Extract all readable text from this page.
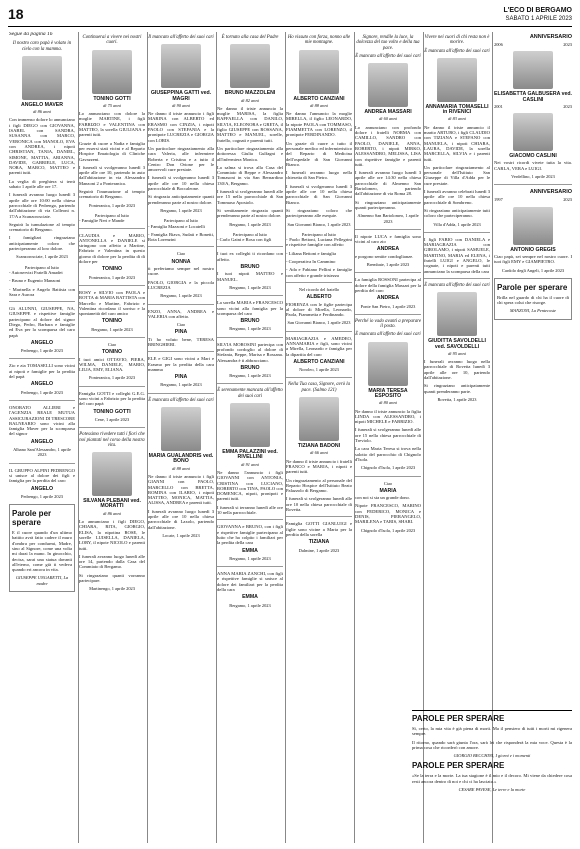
18	L'ECO DI BERGAMO
SABATO 1 APRILE 2023
Segue da pagina 16
Il nostro caro papà è volato in cielo con la mamma.
ANGELO MAVER
di 86 anni

Con immenso dolore lo annunciano i figli DIEGO con GIOVANNA, ISABEL con SANDRA, SUSANNA con MARCO, VERONICA con MANOLO, EVA con ANDREA, i nipoti CHRISTIAN, TANIA, DANIEL, SIMONE, MATTIA, ARIANNA, DAVIDE, GABRIELE, LUCA, NORA, MARCO, MATTEO e parenti tutti.

La veglia di preghiera si terrà sabato 1 aprile alle ore 17.

I funerali avranno luogo lunedì 3 aprile alle ore 10:00 nella chiesa parrocchiale di Pedrengo, partendo dall'abitazione di via Colleoni n. 17/A a Scanzorosciate.

Seguirà la tumulazione al tempio crematorio di Bergamo.

I famigliari ringraziano anticipatamente coloro che parteciperanno al loro dolore.

Scanzorosciate, 1 aprile 2023
Partecipano al lutto

- Autoservizi Fratelli Amadei

- Bruno e Eugenio Manzoni

- Marinella e Angelo Battista con Sara e Aurora

Gli ALUNNI, GIUSEPPE, NA, GIUSEPPE e rispettive famiglie partecipano al dolore del signor Diego, Pedro, Barbara e famiglie ed Eva per la scomparsa del caro papà

ANGELO
Pedrengo, 1 aprile 2023

Zio e zia TOMASELLI sono vicini ai nipoti e famiglie per la perdita del papà

ANGELO
Pedrengo, 1 aprile 2023

ONORATO ALLIERI e l'AGENZIA REALE MUTUA ASSICURAZIONI DI TRESCORE BALNEARIO sono vicini alla famiglia Maver per la scomparsa del signor

ANGELO
Albano Sant'Alessandro, 1 aprile 2023

IL GRUPPO ALPINI PEDRENGO si unisce al dolore dei figli e famiglia per la perdita del caro

ANGELO
Pedrengo, 1 aprile 2023
Parole per sperare

E il cuore quando d'un ultimo battito avrà fatto cadere il muro d'ombra per condurmi, Madre, sino al Signore, come una volta mi darai la mano. In ginocchio, decisa, sarai una statua davanti all'eterno, come già ti vedeva quando eri ancora in vita.

GIUSEPPE UNGARETTI, La madre
Continuerai a vivere nei nostri cuori.
TONINO GOTTI
di 75 anni

Lo annunciano con dolore la moglie MARTINE, i figli FABRIZIO e VALENTINA con MATTEO, la sorella GIULIANA e parenti tutti.

Grazie di cuore a Nadia e famiglia per essersi stati vicini e al Reparto Hospice Ematologia di Cliniche Gavazzeni.

I funerali si svolgeranno lunedì 3 aprile alle ore 10, partendo in auto dall'abitazione in via Alessandro Manzoni 2 a Ponteranica.

Seguirà l'inumazione al tempio crematorio di Bergamo.

Ponteranica, 1 aprile 2023
Partecipano al lutto

- Famiglie Neri e Mande

CLAUDIA e MARIO, ANTONELLA e DANIELE si stringono con affetto a Martine, Fabrizio e Valentina in questo giorno di dolore per la perdita di di dolore per

TONINO
Ponteranica, 1 aprile 2023

ROSY e SILVIO con PAOLA e ROTTA di MARIA BATTISTA con Marcello e Martine, Fabrizio e Valentina ricordano il sorriso e la spontaneità del caro amico

TONINO
Bergamo, 1 aprile 2023
Ciao
TONINO

I tuoi amici OTTAVIO, PIERA, WILMA, DANIELE, MARIO, LILIA, EMY, ELIANA.

Ponteranica, 1 aprile 2023

Famiglia GOTTI e colleghi G.E.G. sono vicini a Fabrizio per la perdita del caro papà

TONINO GOTTI
Cene, 1 aprile 2023
Potessimo rivedere tutti i fiori che noi piantati nel corso della nostra vita.
SILVANA PLEBANI ved. MORATTI
di 86 anni

Lo annunciano i figli DIEGO, CHIARA, RITA, GIORGIO, ELISA, la nipotina ROSE, le sorelle LUISELLA, DANIELA, LORY, il nipote NICOLO e parenti tutti.

I funerali avranno luogo lunedì alle ore 14, partendo dalla Casa del Commiato di Bergamo.

Si ringraziano quanti vorranno partecipare.

Martinengo, 1 aprile 2023
Il mancato all'affetto dei suoi cari
GIUSEPPINA GATTI ved. MAGRI
di 90 anni

Ne danno il triste annuncio i figli MARINA con ALBERTO ed ERASMO con CINZIA, i nipoti PAOLO con STEFANIA e la pronipote LUCREZIA e GIORGIA con LORIS.

Un particolare ringraziamento alla cara Valeria, alle infermiere Roberta e Cristina e a tutto il Centro Don Orione per le amorevoli cure prestate.

I funerali si svolgeranno lunedì 3 aprile alle ore 10 nella chiesa parrocchiale di Boccaleone.

Si ringrazia anticipatamente quanti prenderanno parte al nostro dolore.

Bergamo, 1 aprile 2023
Partecipano al lutto

- Famiglia Mazzoni e Locatelli

- Famiglia Biava, Sudati e Bonetti, Rota Lorenzini

Ciao
NONNA

ti preferiamo sempre nel nostro cuore.

PAOLO, GIORGIA e la piccola LUCREZIA

Bergamo, 1 aprile 2023

ENZO, ANNA, ANDREA e VALERIA con affetto.

Ciao
PINA

Ti ho voluto bene, TERESA BRINGHIERI.

ELE e GIGI sono vicini a Mari e Erasmo per la perdita della cara mamma

PINA
Bergamo, 1 aprile 2023
È mancata all'affetto dei suoi cari
MARIA GUALANDRIS ved. BONO
di 88 anni

Ne danno il triste annuncio i figli GIANNI con PAOLO, MARCELLO con BRETTA, ROMINA con ILARIO, i nipoti MATTEO, MONICA, MATTIA, ALISSA, ANDREA e parenti tutti.

I funerali avranno luogo lunedì 3 aprile alle ore 10 nella chiesa parrocchiale di Laxolo, partendo dall'abitazione.

Locate, 1 aprile 2023
È tornato alla casa del Padre
BRUNO MAZZOLENI
di 82 anni

Ne danno il triste annuncio la moglie MARISA, la figlia RAFFAELLA con DANILO, SILVIA, ELEONORA e GRETA, il figlio GIUSEPPE con ROSSANA, MATTEO e MANUEL, sorelle, fratello, cognati e parenti tutti.

Un particolare ringraziamento alla dottoressa Giulia Gulfagni e all'infermiera Monica.

La salma si trova alla Casa del Commiato di Beppe e Alessandro Tomasoni in via San Bernardino 130/A, Bergamo.

I funerali si svolgeranno lunedì alle ore 15 nella parrocchiale di San Tommaso Apostolo.

Si sentitamente ringrazia quanti prenderanno parte al nostro dolore.

Bergamo, 1 aprile 2023
Partecipano al lutto

- Carlo Gaini e Rosa con figli

I tuoi ex colleghi ti ricordano con affetto.

BRUNO

I tuoi nipoti MATTEO e MANUEL.

Bergamo, 1 aprile 2023

La sorella MARIA e FRANCESCO sono vicini alla famiglia per la scomparsa del caro

BRUNO
Bergamo, 1 aprile 2023

SILVIA MOROSINI partecipa con profondo cordoglio al dolore di Stefania, Beppe, Marisa e Rossana. Alessandra è ti abbracciano.

BRUNO
Bergamo, 1 aprile 2023
È serenamente mancata all'affetto dei suoi cari
EMMA PALAZZINI ved. RIVELLINI
di 91 anni

Ne danno l'annuncio i figli GIOVANNI con ANTONIA, CRISTINA con LUCIANO, ROBERTO con TINA, PAOLO con DOMENICA, nipoti, pronipoti e parenti tutti.

I funerali si terranno lunedì alle ore 10 nella parrocchiale.

GIOVANNA e BRUNO, con i figli e rispettive famiglie partecipano al lutto che ha colpito i familiari per la perdita della cara

EMMA
Bergamo, 1 aprile 2023

ANNA MARIA ZANCHI, con figli e rispettive famiglie si unisce al dolore dei familiari per la perdita della cara

EMMA
Bergamo, 1 aprile 2023
Ho vissuto con forza, nonno alle mie montagne.
ALBERTO CANZIANI
di 88 anni

Ne danno l'annuncio la moglie MIRELLA, il figlio LEONARDO, la nipote PAOLA con TOMMASO, FIAMMETTA con LORENZO, il pronipote FERDINANDO.

Un grazie di cuore a tutto il personale medico ed infermieristico del Reparto di Medicina dell'ospedale di San Giovanni Bianco.

I funerali avranno luogo nella chiesetta di San Pietro.

I funerali si svolgeranno lunedì 3 aprile alle ore 10 nella chiesa parrocchiale di San Giovanni Bianco.

Si ringraziano coloro che parteciperanno alle esequie.

San Giovanni Bianco, 1 aprile 2023
Partecipano al lutto

- Paolo Bettoni, Luciana Pellegrini e rispettive famiglie con affetto

- Liliana Bettoni e famiglia

- Cooperativa In Cammino

- Ada e Fabiano Pellini e famiglie con affetto e grande tristezza

Nel ricordo del fratello
ALBERTO

FIORENZA con le figlie partecipa al dolore di Mirella, Leonardo, Paola, Fiammetta e Ferdinando.

San Giovanni Bianco, 1 aprile 2023

MARIAGRAZIA e AMEDEO, ANNAMARIA e figli, sono vicini a Mirella, Leonardo e famiglia per la dipartita del caro

ALBERTO CANZIANI
Noroleo, 1 aprile 2023
Nella Tua casa, Signore, avrò la pace. (Salmo 121)
TIZIANA BADONI
di 66 anni

Ne danno il triste annuncio i fratelli FRANCO e MARIA, i nipoti e parenti tutti.

Un ringraziamento al personale del Reparto Hospice dell'Istituto Beato Palazzolo di Bergamo.

I funerali si svolgeranno lunedì alle ore 10 nella chiesa parrocchiale di Rovetta.

Famiglia GOTTI GIANLUIGI e figlie sono vicine a Maria per la perdita della sorella

TIZIANA
Dalmine, 1 aprile 2023
Signore, rendile la luce, la dolcezza del tuo volto e della tua pace.
È mancato all'affetto dei suoi cari
ANDREA MASSARI
di 60 anni

Lo annunciano con profondo dolore i fratelli NORMA con CAMILLO, SANDRO con PAOLO, DANIELE, ANNA, ROBERTO, i nipoti MIRKO, ALESSANDRO, MELISSA, LISA con rispettive famiglie e parenti tutti.

I funerali avranno luogo lunedì 3 aprile alle ore 14:30 nella chiesa parrocchiale di Almenno San Bartolomeo, partendo dall'abitazione di via Roma 28.

Si ringraziano anticipatamente quanti parteciperanno.

Almenno San Bartolomeo, 1 aprile 2023

Il nipote LUCA e famiglia sono vicini al caro zio

ANDREA

e porgono sentite condoglianze.

Brembate, 1 aprile 2023

La famiglia ROSSONI partecipa al dolore della famiglia Massari per la perdita del caro

ANDREA
Ponte San Pietro, 1 aprile 2023
Perché io vado avanti a preparare il posto.
È mancata all'affetto dei suoi cari
MARIA TERESA ESPOSITO
di 80 anni

Ne danno il triste annuncio la figlia LINDA con ALESSANDRO, i nipoti MICHELE e FABRIZIO.

I funerali si svolgeranno lunedì alle ore 15 nella chiesa parrocchiale di Treviolo.

La cara Maria Teresa si trova nella salotto del parrocchio di Chignolo d'Isola.

Chignolo d'Isola, 1 aprile 2023
Ciao
MARIA

con noi si sta un grande dono.

Nipote FRANCESCO, MARINO con FEDERICO, MONICA e DENIS, PIERANGELO, MARILENA e TARIS, SHARI.

Chignolo d'Isola, 1 aprile 2023
Vivere nei cuori di chi resta non è morire.
È mancata all'affetto dei suoi cari
ANNAMARIA TOMASELLI in RIVENICI
di 83 anni

Ne danno il triste annuncio il marito ARTURO, i figli CLAUDIO con TIZIANA e STEFANO con MANUELA, i nipoti CHIARA, LAURA, DAVIDE, la sorella MARCELLA, SILVIA e i parenti tutti.

Un particolare ringraziamento al personale dell'Istituto San Giuseppe di Villa d'Adda per le cure prestate.

I funerali avranno celebrati lunedì 3 aprile alle ore 10 nella chiesa parrocchiale di Sombreno.

Si ringraziano anticipatamente tutti coloro che parteciperanno.

Villa d'Adda, 1 aprile 2023

I figli FABIO con DANIELA e MARIAGRAZIA con GIROLAMO, i nipoti SAMUELE, MARTINO, MARIA ed ELENA, i fratelli LUIGI e ANGELO, le cognate, i nipoti e parenti tutti annunciano la scomparsa della cara

È mancata all'affetto dei suoi cari
GIUDITTA SAVOLDELLI ved. SAVOLDELLI
di 95 anni

I funerali avranno luogo nella parrocchiale di Rovetta lunedì 3 aprile alle ore 10, partendo dall'abitazione.

Si ringraziano anticipatamente quanti prenderanno parte.

Rovetta, 1 aprile 2023
ANNIVERSARIO
2006	2023
ELISABETTA GALBUSERA ved. CASLINI
2001	2023
GIACOMO CASLINI

Nei vostri ricordi vivete tutta la vita. CARLA, VERA e LUIGI.

Verdellino, 1 aprile 2023
ANNIVERSARIO
1997	2023
ANTONIO GREGIS

Ciao papà, sei sempre nel nostro cuore. I tuoi figli EMY e GIAMPIETRO.

Cardolo degli Angeli, 1 aprile 2023
Parole per sperare

Brilla nel guardo di chi ha il cuore di chi spera colui che risorge.

MANZONI, La Pentecoste
PAROLE PER SPERARE

Sì, certo, la mia vita è già piena di morti. Ma il pensiero di tutti i morti mi rigenera sempre.

Il ritorno, quando sarà giunta l'ora, sarà lei che risponderà la mia voce. Questa è la prima cosa che ricorderò con amore.

GIORGIO BECCHINI, I giorni e i momenti
PAROLE PER SPERARE

«Se la terra e la morte. La tua stagione è il mio e il decoro. Mi viene da chiedere cosa resti ancora dentro di noi e chi ci ha lasciato.»

CESARE PAVESE, Le terre e la morte
